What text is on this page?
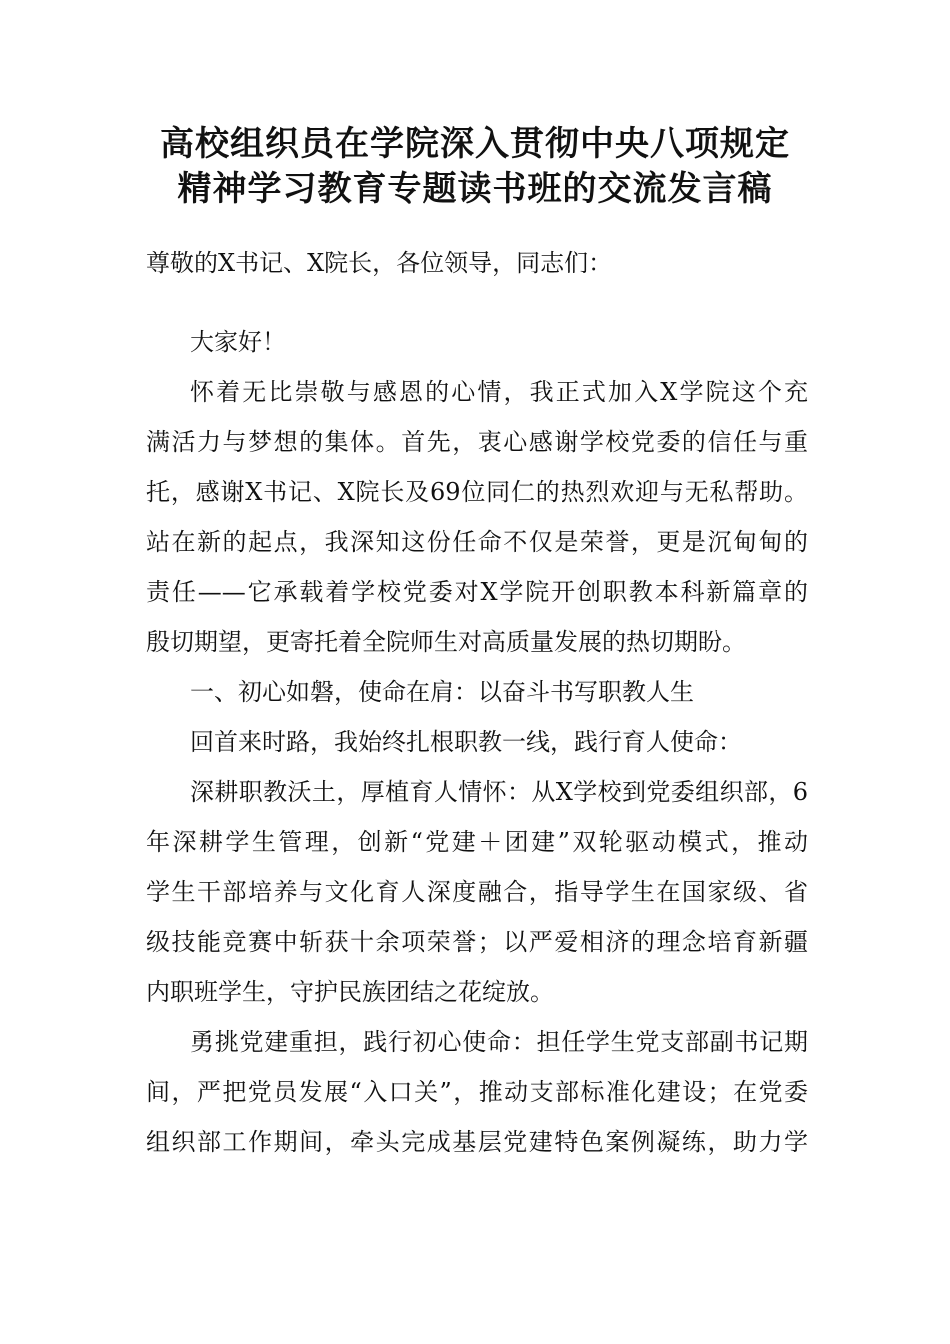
高校组织员在学院深入贯彻中央八项规定
精神学习教育专题读书班的交流发言稿
尊敬的X书记、X院长，各位领导，同志们：
大家好！
怀着无比崇敬与感恩的心情，我正式加入X学院这个充
满活力与梦想的集体。首先，衷心感谢学校党委的信任与重
托，感谢X书记、X院长及69位同仁的热烈欢迎与无私帮助。
站在新的起点，我深知这份任命不仅是荣誉，更是沉甸甸的
责任——它承载着学校党委对X学院开创职教本科新篇章的
殷切期望，更寄托着全院师生对高质量发展的热切期盼。
一、初心如磐，使命在肩：以奋斗书写职教人生
回首来时路，我始终扎根职教一线，践行育人使命：
深耕职教沃土，厚植育人情怀：从X学校到党委组织部，6
年深耕学生管理，创新“党建＋团建”双轮驱动模式，推动
学生干部培养与文化育人深度融合，指导学生在国家级、省
级技能竞赛中斩获十余项荣誉；以严爱相济的理念培育新疆
内职班学生，守护民族团结之花绽放。
勇挑党建重担，践行初心使命：担任学生党支部副书记期
间，严把党员发展“入口关”，推动支部标准化建设；在党委
组织部工作期间，牵头完成基层党建特色案例凝练，助力学
